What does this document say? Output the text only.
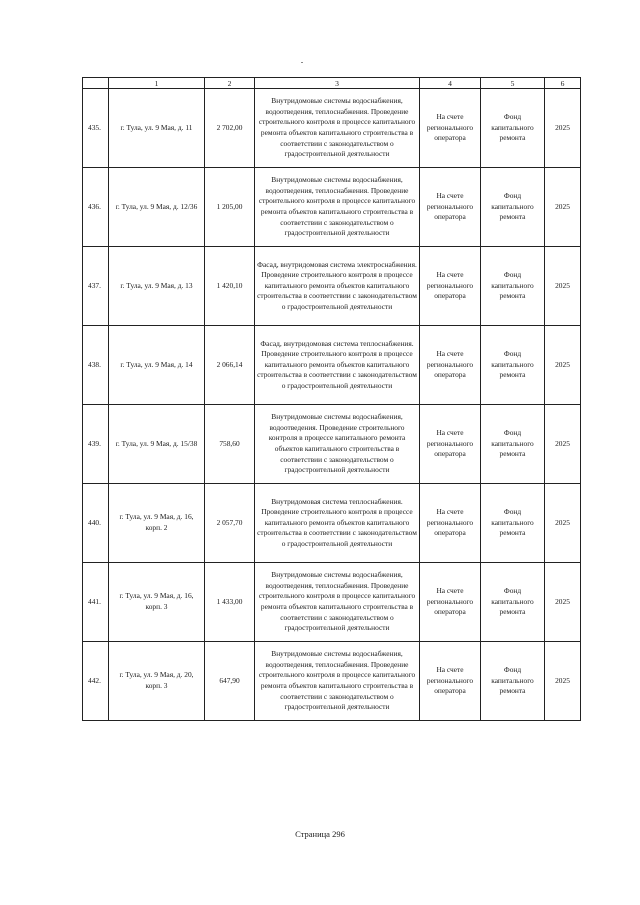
	1	2	3	4	5	6
435.	г. Тула, ул. 9 Мая, д. 11	2 702,00	Внутридомовые системы водоснабжения, водоотведения, теплоснабжения. Проведение строительного контроля в процессе капитального ремонта объектов капитального строительства в соответствии с законодательством о градостроительной деятельности	На счете регионального оператора	Фонд капитального ремонта	2025
436.	г. Тула, ул. 9 Мая, д. 12/36	1 205,00	Внутридомовые системы водоснабжения, водоотведения, теплоснабжения. Проведение строительного контроля в процессе капитального ремонта объектов капитального строительства в соответствии с законодательством о градостроительной деятельности	На счете регионального оператора	Фонд капитального ремонта	2025
437.	г. Тула, ул. 9 Мая, д. 13	1 420,10	Фасад, внутридомовая система электроснабжения. Проведение строительного контроля в процессе капитального ремонта объектов капитального строительства в соответствии с законодательством о градостроительной деятельности	На счете регионального оператора	Фонд капитального ремонта	2025
438.	г. Тула, ул. 9 Мая, д. 14	2 066,14	Фасад, внутридомовая система теплоснабжения. Проведение строительного контроля в процессе капитального ремонта объектов капитального строительства в соответствии с законодательством о градостроительной деятельности	На счете регионального оператора	Фонд капитального ремонта	2025
439.	г. Тула, ул. 9 Мая, д. 15/38	758,60	Внутридомовые системы водоснабжения, водоотведения. Проведение строительного контроля в процессе капитального ремонта объектов капитального строительства в соответствии с законодательством о градостроительной деятельности	На счете регионального оператора	Фонд капитального ремонта	2025
440.	г. Тула, ул. 9 Мая, д. 16, корп. 2	2 057,70	Внутридомовая система теплоснабжения. Проведение строительного контроля в процессе капитального ремонта объектов капитального строительства в соответствии с законодательством о градостроительной деятельности	На счете регионального оператора	Фонд капитального ремонта	2025
441.	г. Тула, ул. 9 Мая, д. 16, корп. 3	1 433,00	Внутридомовые системы водоснабжения, водоотведения, теплоснабжения. Проведение строительного контроля в процессе капитального ремонта объектов капитального строительства в соответствии с законодательством о градостроительной деятельности	На счете регионального оператора	Фонд капитального ремонта	2025
442.	г. Тула, ул. 9 Мая, д. 20, корп. 3	647,90	Внутридомовые системы водоснабжения, водоотведения, теплоснабжения. Проведение строительного контроля в процессе капитального ремонта объектов капитального строительства в соответствии с законодательством о градостроительной деятельности	На счете регионального оператора	Фонд капитального ремонта	2025
Страница 296
